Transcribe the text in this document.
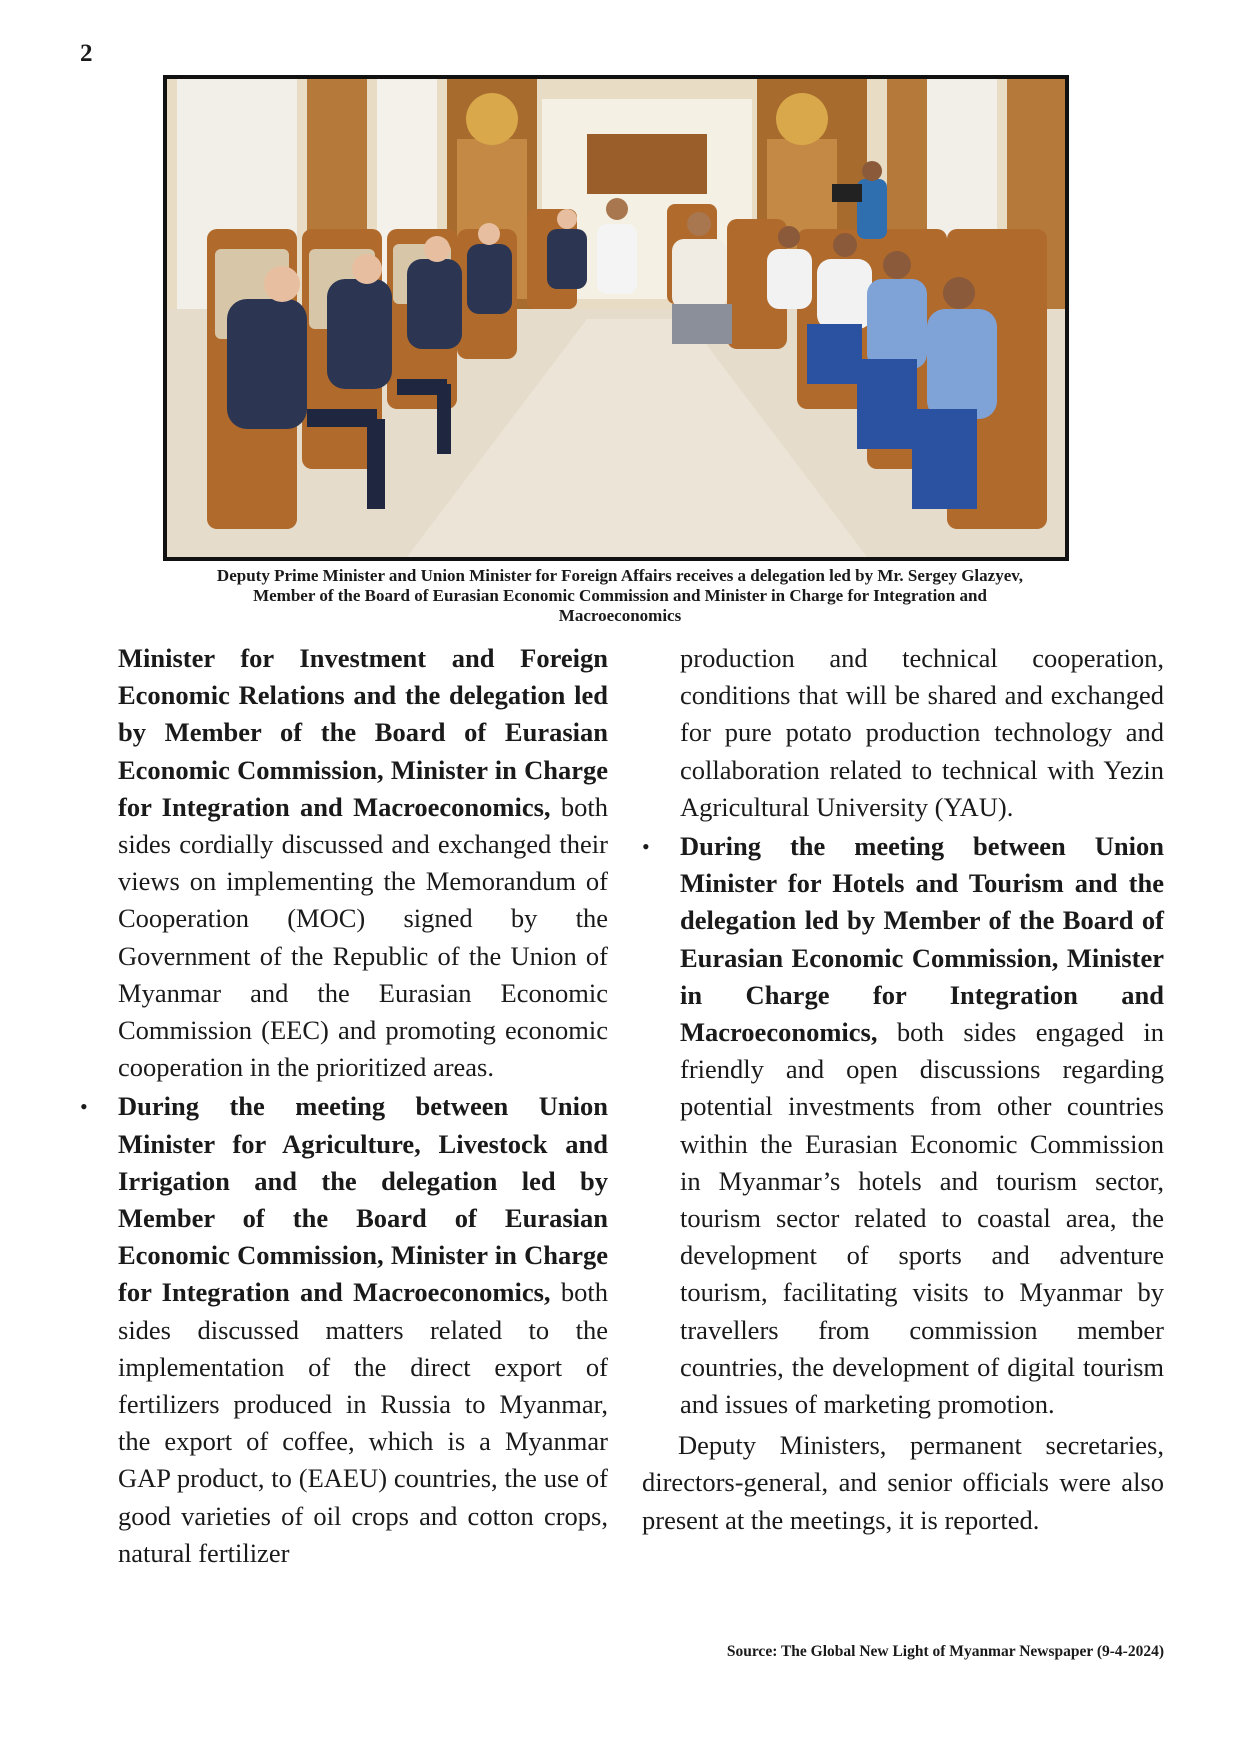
2
Deputy Prime Minister and Union Minister for Foreign Affairs receives a delegation led by Mr. Sergey Glazyev,
Member of the Board of Eurasian Economic Commission and Minister in Charge for Integration and
Macroeconomics

Minister for Investment and Foreign Economic Relations and the delegation led by Member of the Board of Eurasian Economic Commission, Minister in Charge for Integration and Macroeconomics, both sides cordially discussed and exchanged their views on implementing the Memorandum of Cooperation (MOC) signed by the Government of the Republic of the Union of Myanmar and the Eurasian Economic Commission (EEC) and promoting economic cooperation in the prioritized areas.

• During the meeting between Union Minister for Agriculture, Livestock and Irrigation and the delegation led by Member of the Board of Eurasian Economic Commission, Minister in Charge for Integration and Macroeconomics, both sides discussed matters related to the implementation of the direct export of fertilizers produced in Russia to Myanmar, the export of coffee, which is a Myanmar GAP product, to (EAEU) countries, the use of good varieties of oil crops and cotton crops, natural fertilizer

production and technical cooperation, conditions that will be shared and exchanged for pure potato production technology and collaboration related to technical with Yezin Agricultural University (YAU).

• During the meeting between Union Minister for Hotels and Tourism and the delegation led by Member of the Board of Eurasian Economic Commission, Minister in Charge for Integration and Macroeconomics, both sides engaged in friendly and open discussions regarding potential investments from other countries within the Eurasian Economic Commission in Myanmar’s hotels and tourism sector, tourism sector related to coastal area, the development of sports and adventure tourism, facilitating visits to Myanmar by travellers from commission member countries, the development of digital tourism and issues of marketing promotion.

Deputy Ministers, permanent secretaries, directors-general, and senior officials were also present at the meetings, it is reported.

Source: The Global New Light of Myanmar Newspaper (9-4-2024)
